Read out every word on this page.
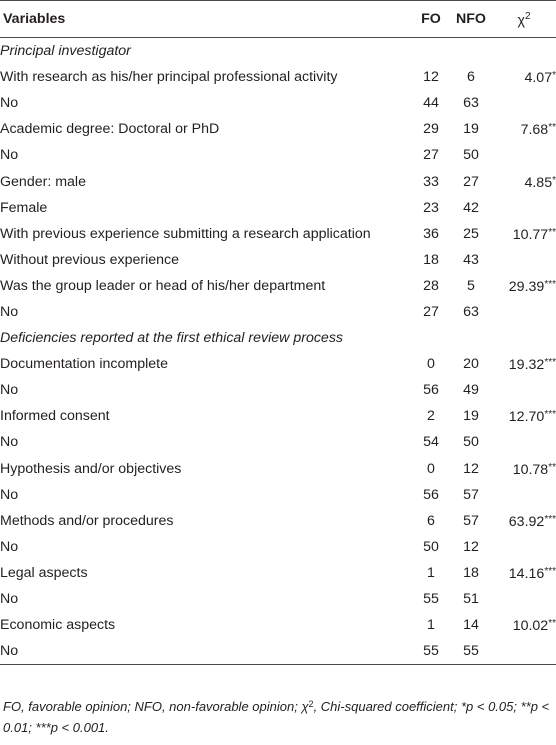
Variables	FO	NFO	$\chi^2$
Principal investigator			
With research as his/her principal professional activity	12	6	4.07*
No	44	63	
Academic degree: Doctoral or PhD	29	19	7.68**
No	27	50	
Gender: male	33	27	4.85*
Female	23	42	
With previous experience submitting a research application	36	25	10.77**
Without previous experience	18	43	
Was the group leader or head of his/her department	28	5	29.39***
No	27	63	
Deficiencies reported at the first ethical review process			
Documentation incomplete	0	20	19.32***
No	56	49	
Informed consent	2	19	12.70***
No	54	50	
Hypothesis and/or objectives	0	12	10.78**
No	56	57	
Methods and/or procedures	6	57	63.92***
No	50	12	
Legal aspects	1	18	14.16***
No	55	51	
Economic aspects	1	14	10.02**
No	55	55	
FO, favorable opinion; NFO, non-favorable opinion; $\chi^2$, Chi-squared coefficient; *p < 0.05; **p < 0.01; ***p < 0.001.
